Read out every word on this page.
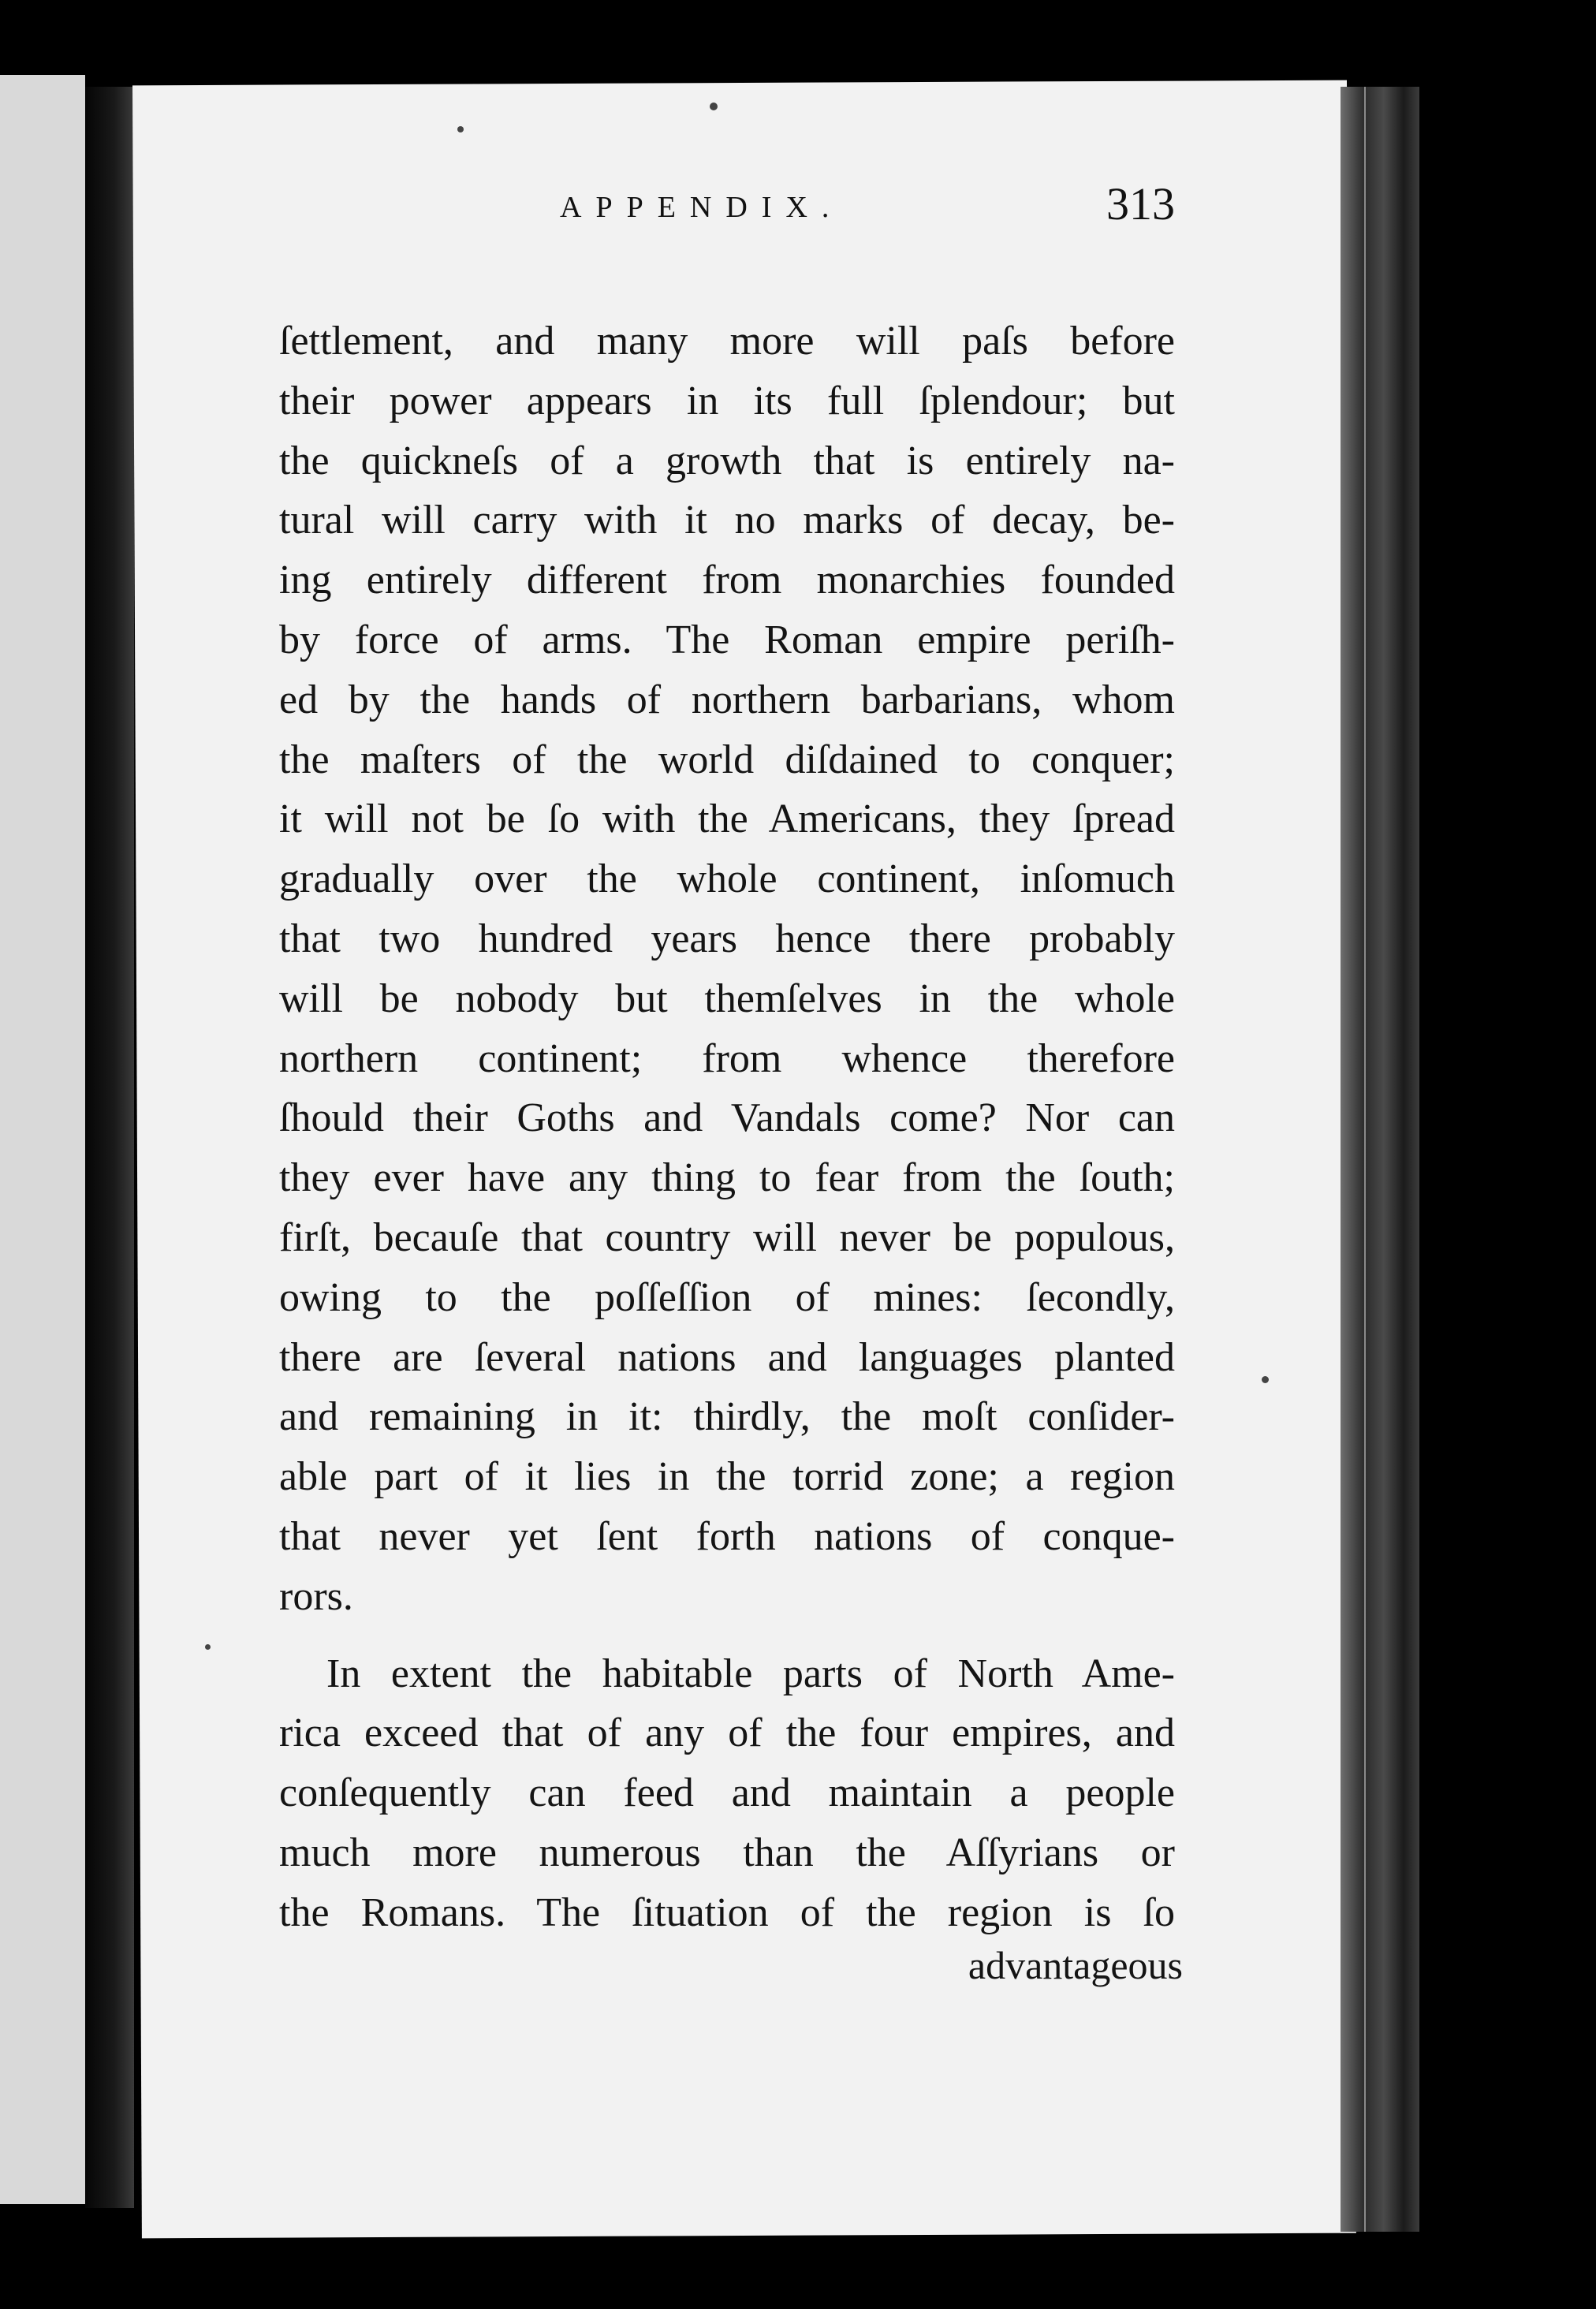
APPENDIX.	313
ſettlement, and many more will paſs before
their power appears in its full ſplendour; but
the quickneſs of a growth that is entirely na-
tural will carry with it no marks of decay, be-
ing entirely different from monarchies founded
by force of arms. The Roman empire periſh-
ed by the hands of northern barbarians, whom
the maſters of the world diſdained to conquer;
it will not be ſo with the Americans, they ſpread
gradually over the whole continent, inſomuch
that two hundred years hence there probably
will be nobody but themſelves in the whole
northern continent; from whence therefore
ſhould their Goths and Vandals come? Nor can
they ever have any thing to fear from the ſouth;
firſt, becauſe that country will never be populous,
owing to the poſſeſſion of mines: ſecondly,
there are ſeveral nations and languages planted
and remaining in it: thirdly, the moſt conſider-
able part of it lies in the torrid zone; a region
that never yet ſent forth nations of conque-
rors.
In extent the habitable parts of North Ame-
rica exceed that of any of the four empires, and
conſequently can feed and maintain a people
much more numerous than the Aſſyrians or
the Romans. The ſituation of the region is ſo
advantageous
